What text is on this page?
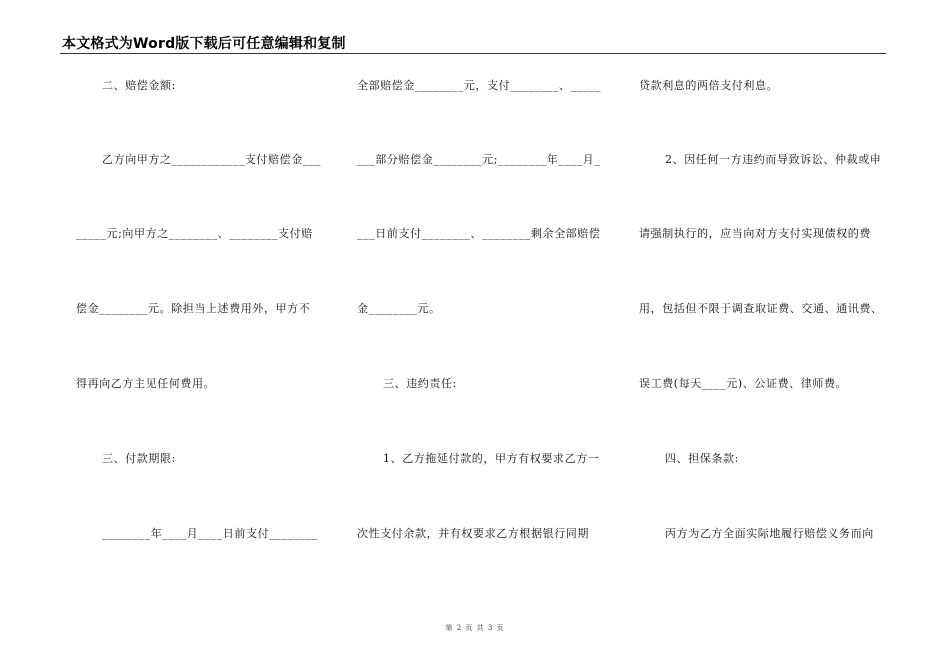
本文格式为Word版下载后可任意编辑和复制
二、赔偿金额:
乙方向甲方之____________支付赔偿金___
_____元;向甲方之________、________支付赔
偿金________元。除担当上述费用外，甲方不
得再向乙方主见任何费用。
三、付款期限:
________年____月____日前支付________
全部赔偿金________元，支付________、_____
___部分赔偿金________元;________年____月_
___日前支付________、________剩余全部赔偿
金________元。
三、违约责任:
1、乙方拖延付款的，甲方有权要求乙方一
次性支付余款，并有权要求乙方根据银行同期
贷款利息的两倍支付利息。
2、因任何一方违约而导致诉讼、仲裁或申
请强制执行的，应当向对方支付实现债权的费
用，包括但不限于调查取证费、交通、通讯费、
误工费(每天____元)、公证费、律师费。
四、担保条款:
丙方为乙方全面实际地履行赔偿义务而向
第 2 页 共 3 页
